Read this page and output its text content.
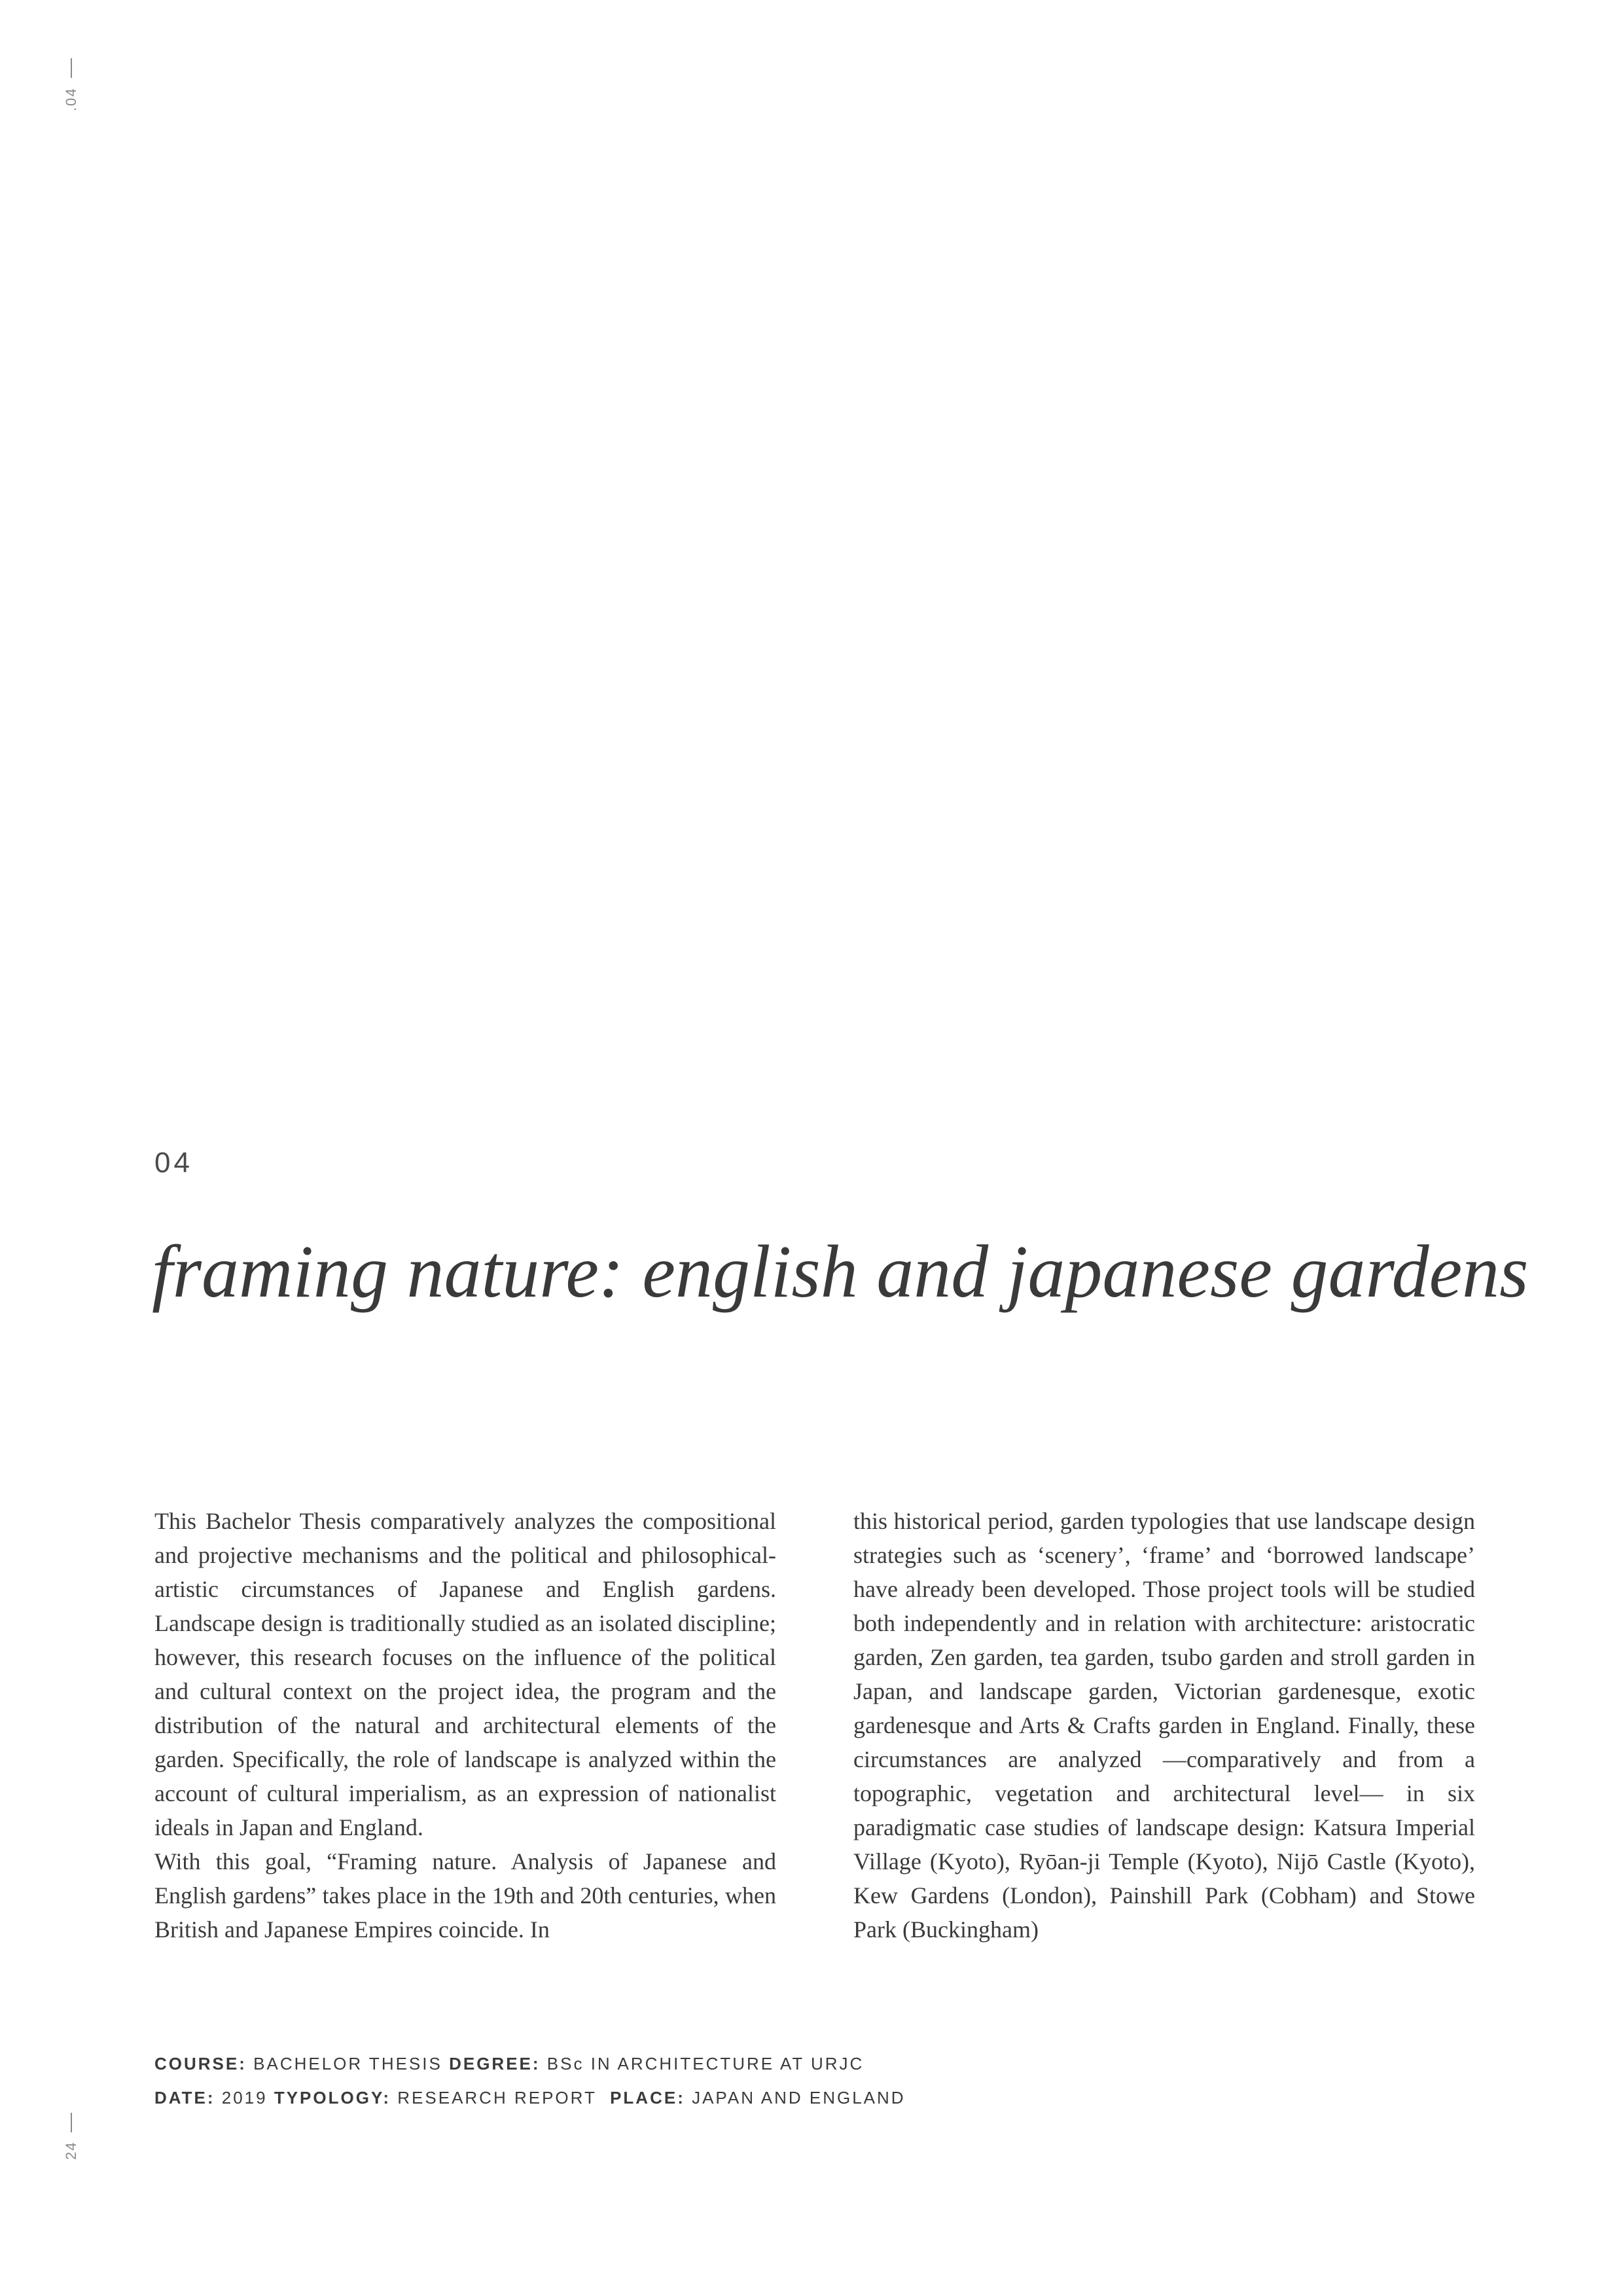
.04
04
framing nature: english and japanese gardens

This Bachelor Thesis comparatively analyzes the compositional and projective mechanisms and the political and philosophical-artistic circumstances of Japanese and English gardens. Landscape design is traditionally studied as an isolated discipline; however, this research focuses on the influence of the political and cultural context on the project idea, the program and the distribution of the natural and architectural elements of the garden. Specifically, the role of landscape is analyzed within the account of cultural imperialism, as an expression of nationalist ideals in Japan and England.

With this goal, “Framing nature. Analysis of Japanese and English gardens” takes place in the 19th and 20th centuries, when British and Japanese Empires coincide. In

this historical period, garden typologies that use landscape design strategies such as ‘scenery’, ‘frame’ and ‘borrowed landscape’ have already been developed. Those project tools will be studied both independently and in relation with architecture: aristocratic garden, Zen garden, tea garden, tsubo garden and stroll garden in Japan, and landscape garden, Victorian gardenesque, exotic gardenesque and Arts & Crafts garden in England. Finally, these circumstances are analyzed —comparatively and from a topographic, vegetation and architectural level— in six paradigmatic case studies of landscape design: Katsura Imperial Village (Kyoto), Ryōan-ji Temple (Kyoto), Nijō Castle (Kyoto), Kew Gardens (London), Painshill Park (Cobham) and Stowe Park (Buckingham)

COURSE: BACHELOR THESIS DEGREE: BSc IN ARCHITECTURE AT URJC
DATE: 2019 TYPOLOGY: RESEARCH REPORT PLACE: JAPAN AND ENGLAND
24
